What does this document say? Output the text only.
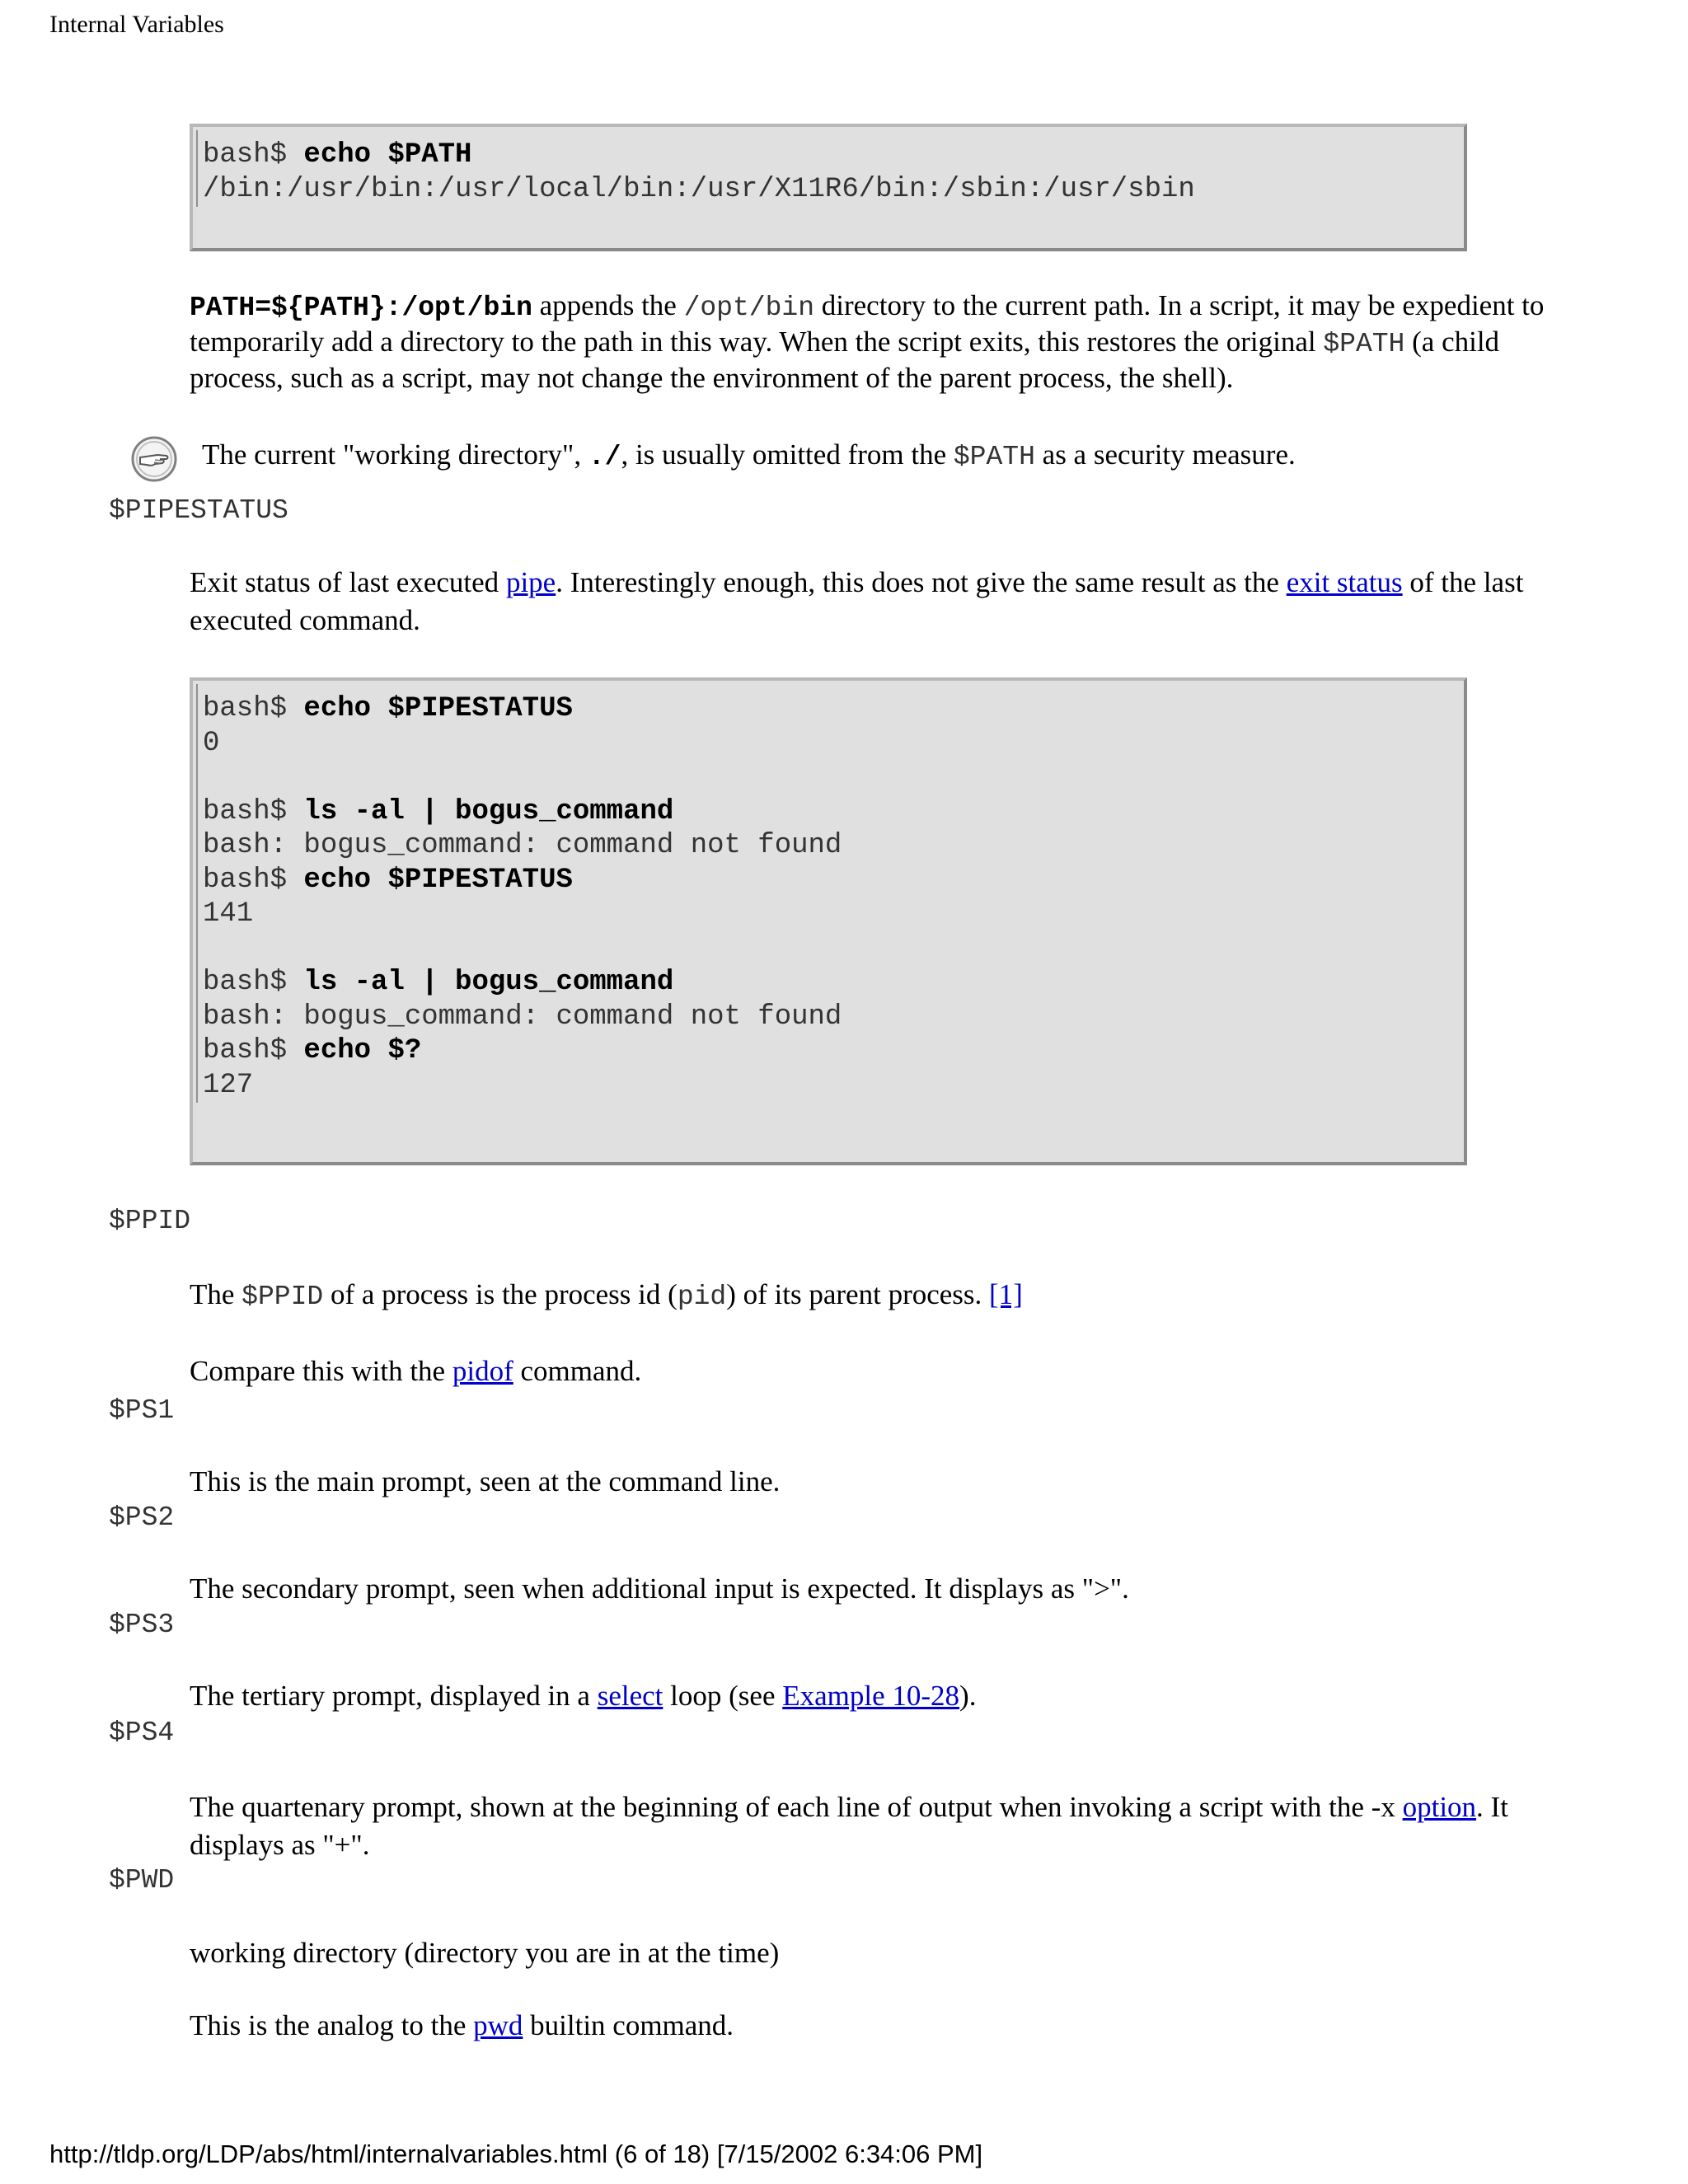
Internal Variables
bash$ echo $PATH
/bin:/usr/bin:/usr/local/bin:/usr/X11R6/bin:/sbin:/usr/sbin
PATH=${PATH}:/opt/bin appends the /opt/bin directory to the current path. In a script, it may be expedient to temporarily add a directory to the path in this way. When the script exits, this restores the original $PATH (a child process, such as a script, may not change the environment of the parent process, the shell).
The current "working directory", ./, is usually omitted from the $PATH as a security measure.
$PIPESTATUS
Exit status of last executed pipe. Interestingly enough, this does not give the same result as the exit status of the last executed command.
bash$ echo $PIPESTATUS
0

bash$ ls -al | bogus_command
bash: bogus_command: command not found
bash$ echo $PIPESTATUS
141

bash$ ls -al | bogus_command
bash: bogus_command: command not found
bash$ echo $?
127
$PPID
The $PPID of a process is the process id (pid) of its parent process. [1]
Compare this with the pidof command.
$PS1
This is the main prompt, seen at the command line.
$PS2
The secondary prompt, seen when additional input is expected. It displays as ">".
$PS3
The tertiary prompt, displayed in a select loop (see Example 10-28).
$PS4
The quartenary prompt, shown at the beginning of each line of output when invoking a script with the -x option. It displays as "+".
$PWD
working directory (directory you are in at the time)
This is the analog to the pwd builtin command.
http://tldp.org/LDP/abs/html/internalvariables.html (6 of 18) [7/15/2002 6:34:06 PM]
